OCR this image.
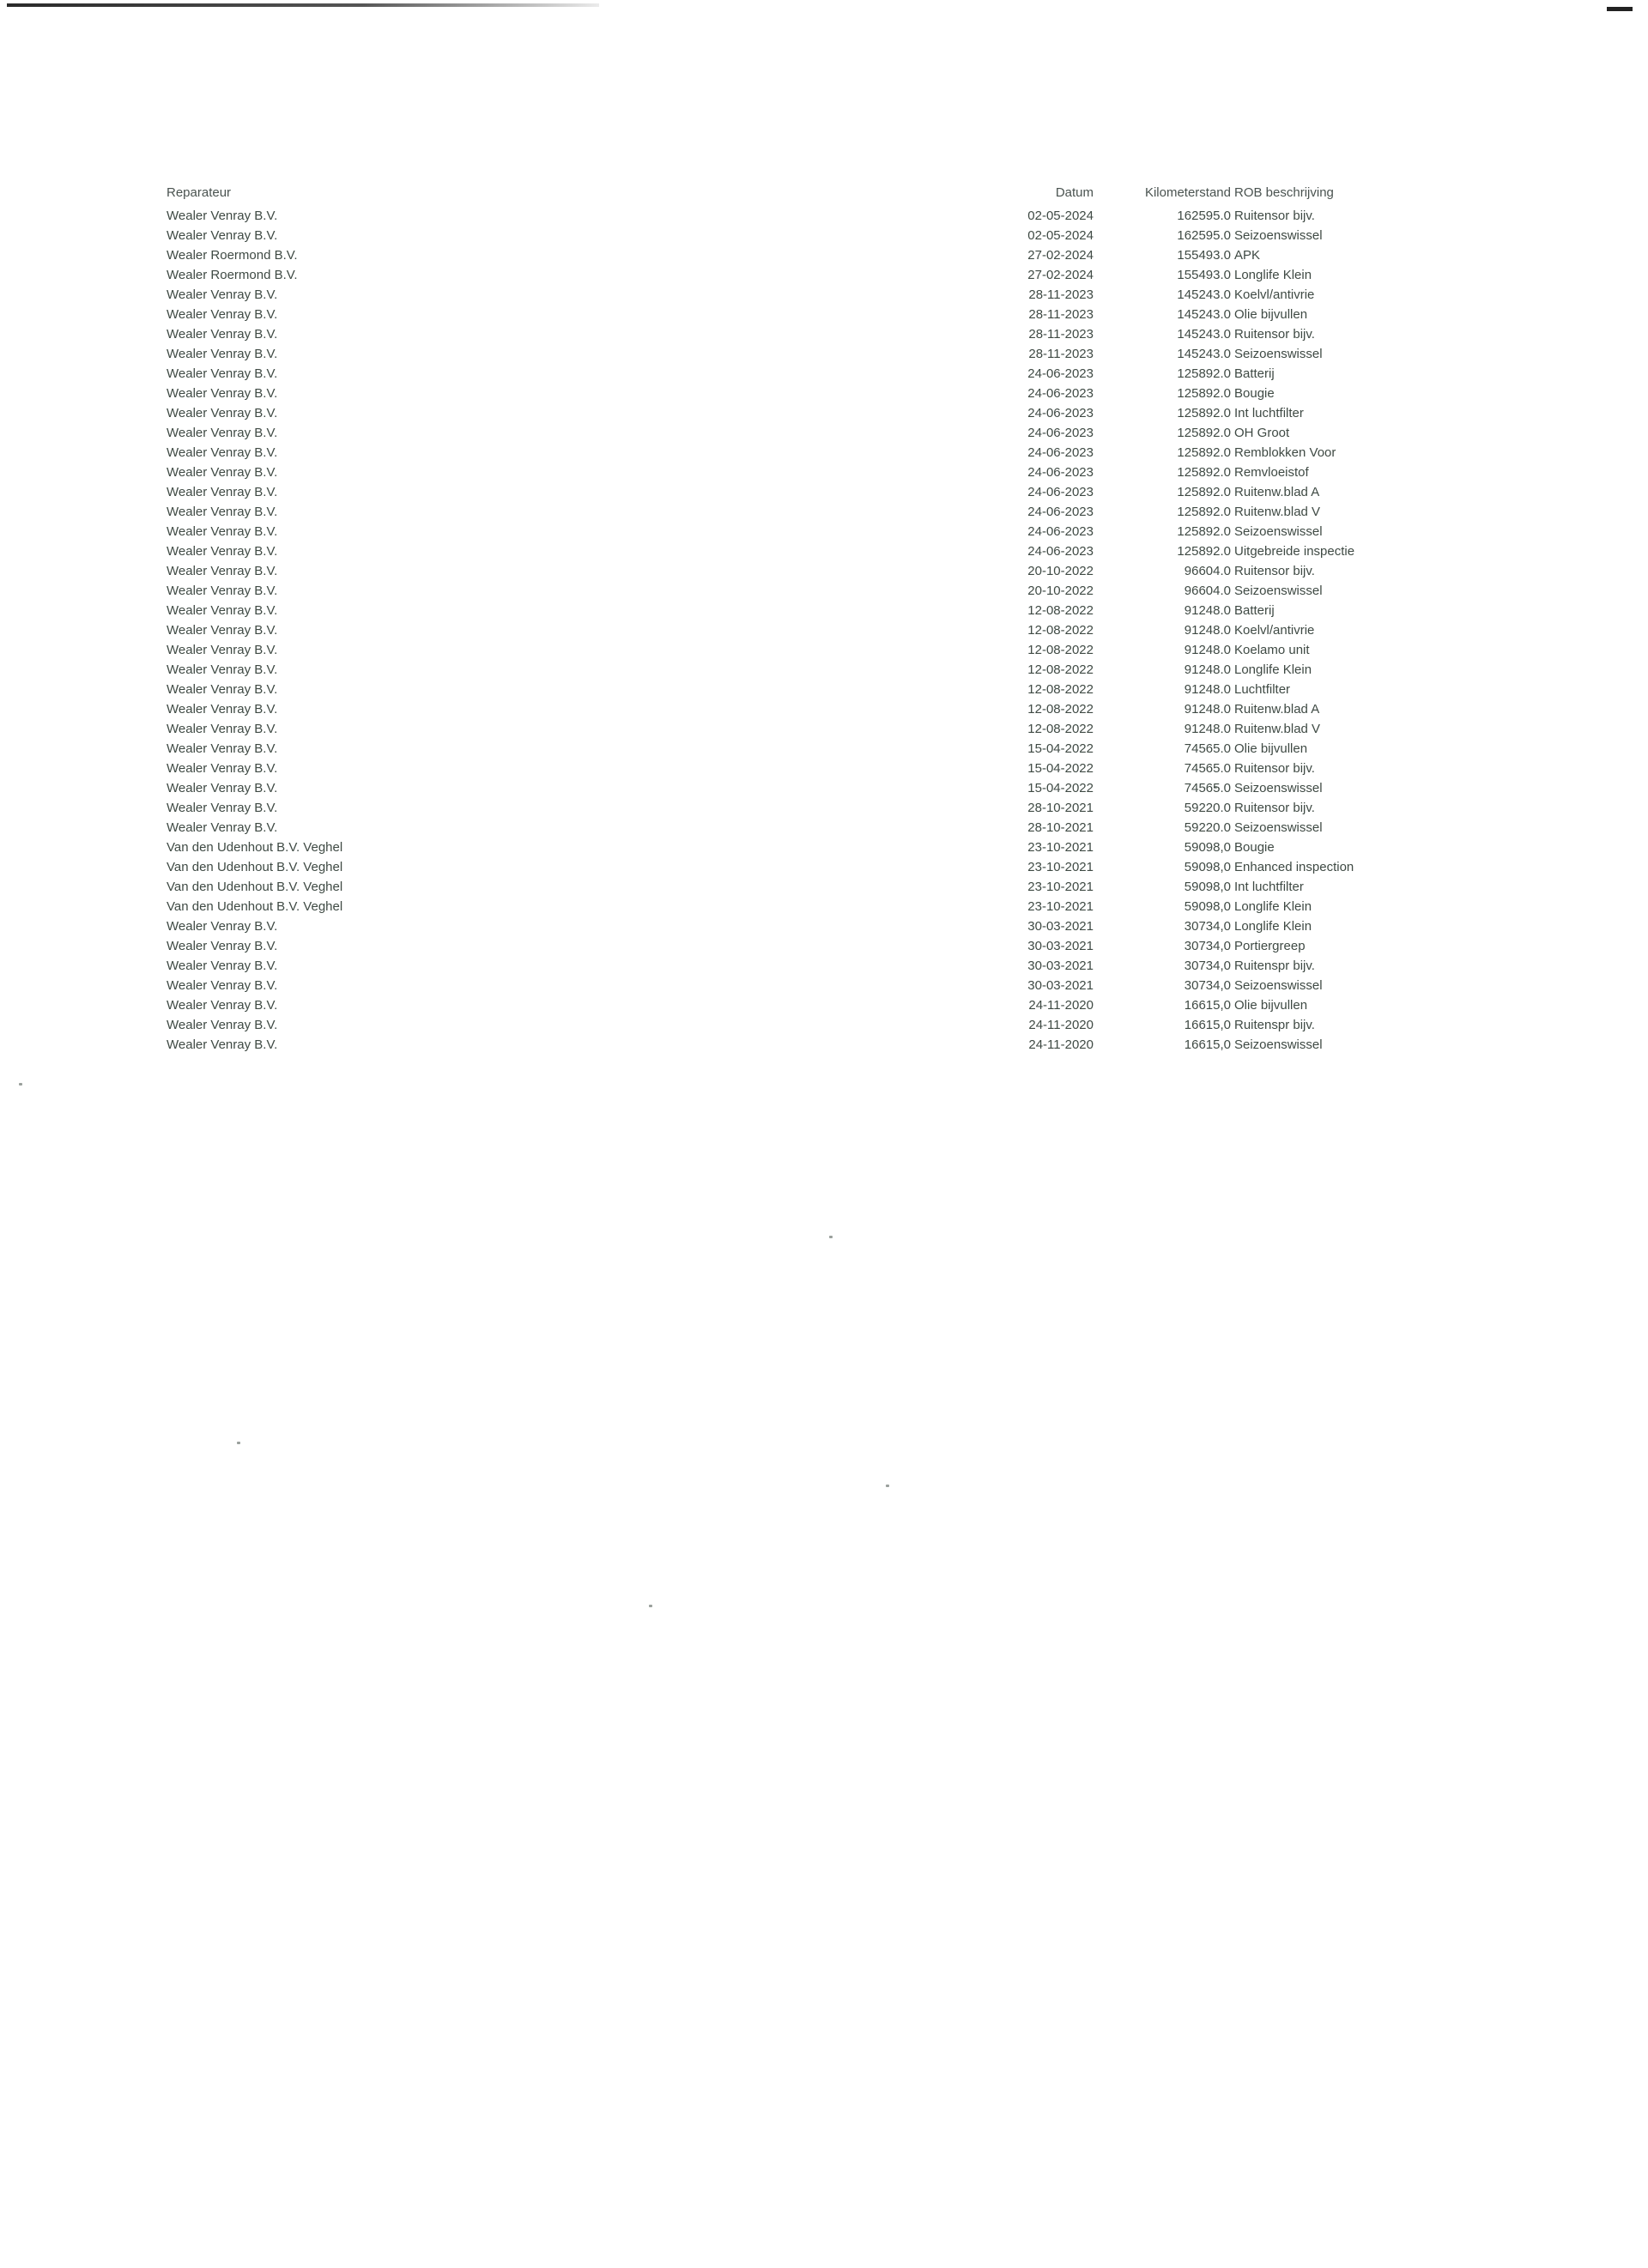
Reparateur	Datum	Kilometerstand ROB beschrijving
Wealer Venray B.V.	02-05-2024	162595.0 Ruitensor bijv.
Wealer Venray B.V.	02-05-2024	162595.0 Seizoenswissel
Wealer Roermond B.V.	27-02-2024	155493.0 APK
Wealer Roermond B.V.	27-02-2024	155493.0 Longlife Klein
Wealer Venray B.V.	28-11-2023	145243.0 Koelvl/antivrie
Wealer Venray B.V.	28-11-2023	145243.0 Olie bijvullen
Wealer Venray B.V.	28-11-2023	145243.0 Ruitensor bijv.
Wealer Venray B.V.	28-11-2023	145243.0 Seizoenswissel
Wealer Venray B.V.	24-06-2023	125892.0 Batterij
Wealer Venray B.V.	24-06-2023	125892.0 Bougie
Wealer Venray B.V.	24-06-2023	125892.0 Int luchtfilter
Wealer Venray B.V.	24-06-2023	125892.0 OH Groot
Wealer Venray B.V.	24-06-2023	125892.0 Remblokken Voor
Wealer Venray B.V.	24-06-2023	125892.0 Remvloeistof
Wealer Venray B.V.	24-06-2023	125892.0 Ruitenw.blad A
Wealer Venray B.V.	24-06-2023	125892.0 Ruitenw.blad V
Wealer Venray B.V.	24-06-2023	125892.0 Seizoenswissel
Wealer Venray B.V.	24-06-2023	125892.0 Uitgebreide inspectie
Wealer Venray B.V.	20-10-2022	96604.0 Ruitensor bijv.
Wealer Venray B.V.	20-10-2022	96604.0 Seizoenswissel
Wealer Venray B.V.	12-08-2022	91248.0 Batterij
Wealer Venray B.V.	12-08-2022	91248.0 Koelvl/antivrie
Wealer Venray B.V.	12-08-2022	91248.0 Koelamo unit
Wealer Venray B.V.	12-08-2022	91248.0 Longlife Klein
Wealer Venray B.V.	12-08-2022	91248.0 Luchtfilter
Wealer Venray B.V.	12-08-2022	91248.0 Ruitenw.blad A
Wealer Venray B.V.	12-08-2022	91248.0 Ruitenw.blad V
Wealer Venray B.V.	15-04-2022	74565.0 Olie bijvullen
Wealer Venray B.V.	15-04-2022	74565.0 Ruitensor bijv.
Wealer Venray B.V.	15-04-2022	74565.0 Seizoenswissel
Wealer Venray B.V.	28-10-2021	59220.0 Ruitensor bijv.
Wealer Venray B.V.	28-10-2021	59220.0 Seizoenswissel
Van den Udenhout B.V. Veghel	23-10-2021	59098,0 Bougie
Van den Udenhout B.V. Veghel	23-10-2021	59098,0 Enhanced inspection
Van den Udenhout B.V. Veghel	23-10-2021	59098,0 Int luchtfilter
Van den Udenhout B.V. Veghel	23-10-2021	59098,0 Longlife Klein
Wealer Venray B.V.	30-03-2021	30734,0 Longlife Klein
Wealer Venray B.V.	30-03-2021	30734,0 Portiergreep
Wealer Venray B.V.	30-03-2021	30734,0 Ruitenspr bijv.
Wealer Venray B.V.	30-03-2021	30734,0 Seizoenswissel
Wealer Venray B.V.	24-11-2020	16615,0 Olie bijvullen
Wealer Venray B.V.	24-11-2020	16615,0 Ruitenspr bijv.
Wealer Venray B.V.	24-11-2020	16615,0 Seizoenswissel
